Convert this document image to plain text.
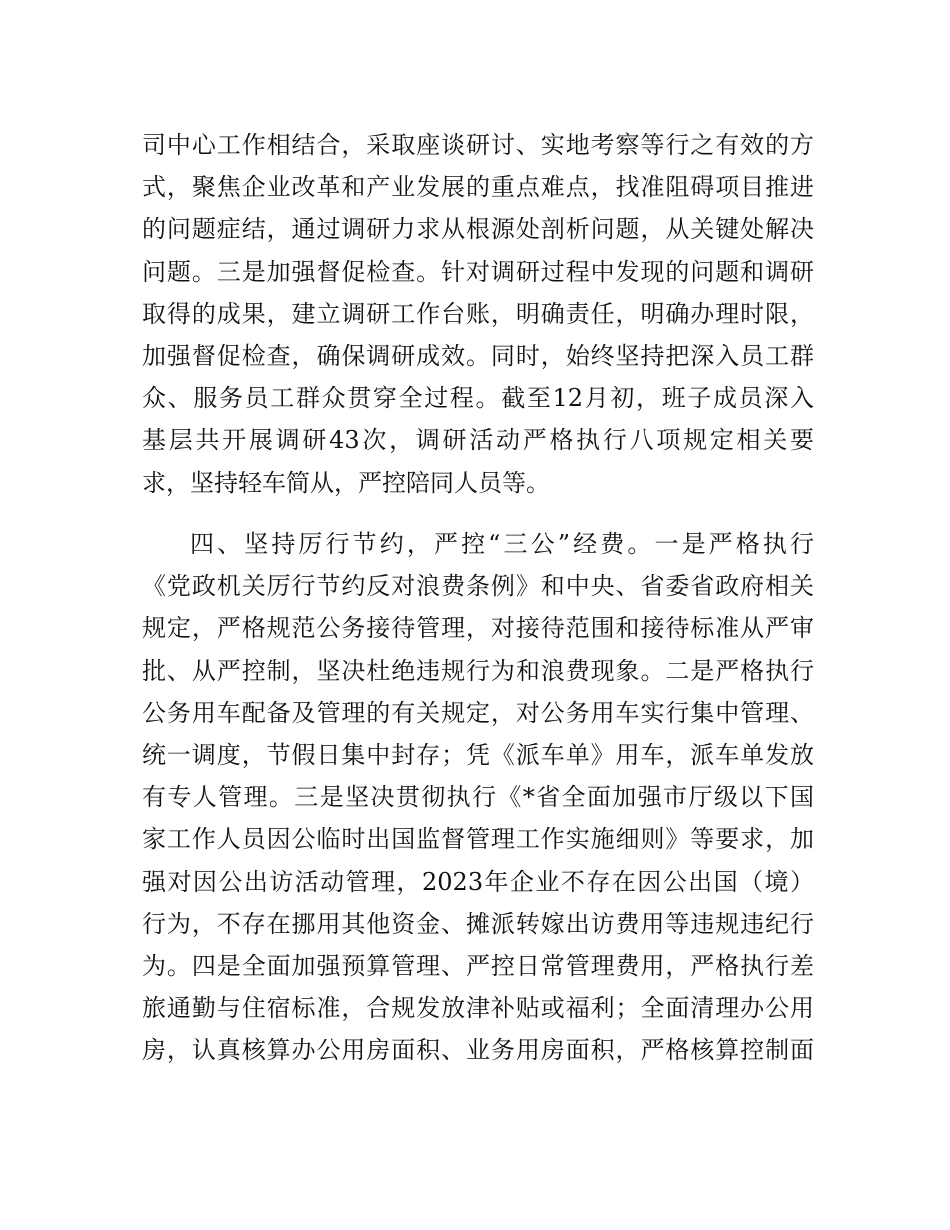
司中心工作相结合，采取座谈研讨、实地考察等行之有效的方
式，聚焦企业改革和产业发展的重点难点，找准阻碍项目推进
的问题症结，通过调研力求从根源处剖析问题，从关键处解决
问题。三是加强督促检查。针对调研过程中发现的问题和调研
取得的成果，建立调研工作台账，明确责任，明确办理时限，
加强督促检查，确保调研成效。同时，始终坚持把深入员工群
众、服务员工群众贯穿全过程。截至12月初，班子成员深入
基层共开展调研43次，调研活动严格执行八项规定相关要
求，坚持轻车简从，严控陪同人员等。
四、坚持厉行节约，严控“三公”经费。一是严格执行
《党政机关厉行节约反对浪费条例》和中央、省委省政府相关
规定，严格规范公务接待管理，对接待范围和接待标准从严审
批、从严控制，坚决杜绝违规行为和浪费现象。二是严格执行
公务用车配备及管理的有关规定，对公务用车实行集中管理、
统一调度，节假日集中封存；凭《派车单》用车，派车单发放
有专人管理。三是坚决贯彻执行《*省全面加强市厅级以下国
家工作人员因公临时出国监督管理工作实施细则》等要求，加
强对因公出访活动管理，2023年企业不存在因公出国（境）
行为，不存在挪用其他资金、摊派转嫁出访费用等违规违纪行
为。四是全面加强预算管理、严控日常管理费用，严格执行差
旅通勤与住宿标准，合规发放津补贴或福利；全面清理办公用
房，认真核算办公用房面积、业务用房面积，严格核算控制面
